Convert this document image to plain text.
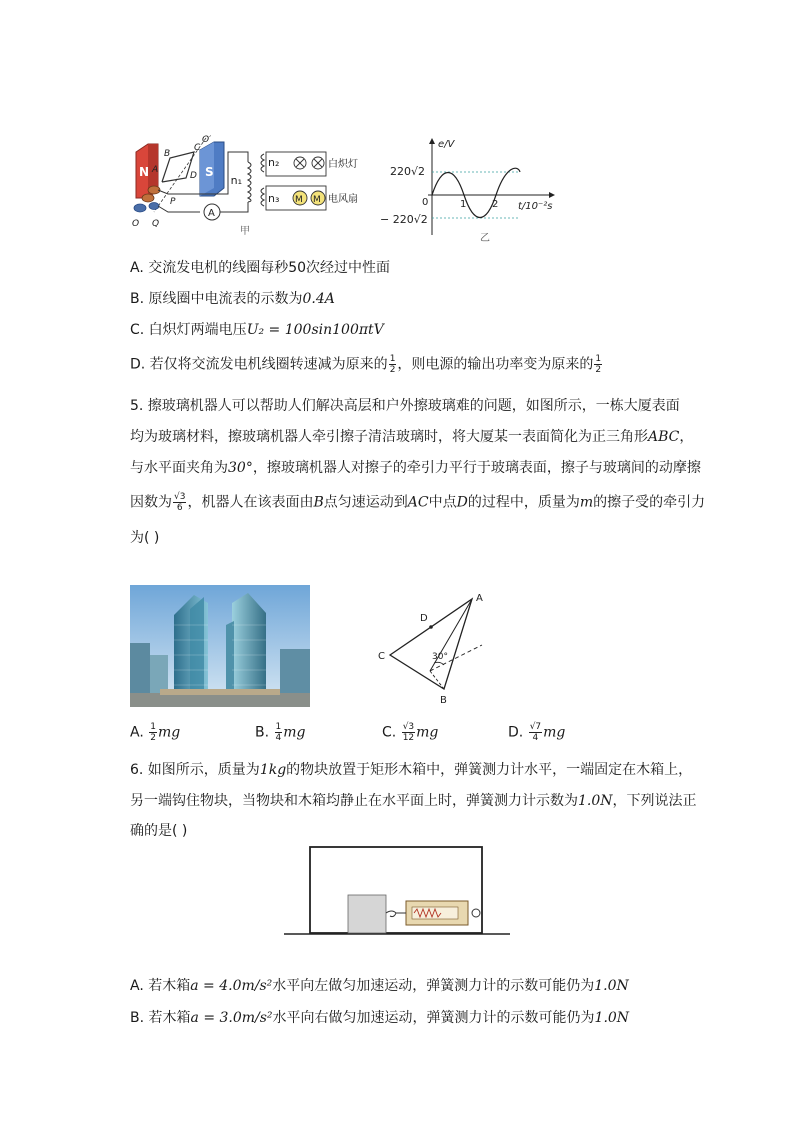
N	S
O′
B
C
A
D
P
O Q
A
n₁
n₂	白炽灯
n₃ M M 电风扇
甲
e/V
220√2
− 220√2
0	1	2 t/10⁻²s
乙
A. 交流发电机的线圈每秒50次经过中性面
B. 原线圈中电流表的示数为0.4A
C. 白炽灯两端电压U₂ = 100sin100πtV
D. 若仅将交流发电机线圈转速减为原来的 $\frac{1}{2}$ ，则电源的输出功率变为原来的 $\frac{1}{2}$
5. 擦玻璃机器人可以帮助人们解决高层和户外擦玻璃难的问题，如图所示，一栋大厦表面
均为玻璃材料，擦玻璃机器人牵引擦子清洁玻璃时，将大厦某一表面简化为正三角形ABC，
与水平面夹角为30°，擦玻璃机器人对擦子的牵引力平行于玻璃表面，擦子与玻璃间的动摩擦
因数为 $\frac{√3}{6}$ ，机器人在该表面由B点匀速运动到AC中点D的过程中，质量为m的擦子受的牵引力
为( )
D
A
C
B
30°
A. $\frac{1}{2}$ mg	B. $\frac{1}{4}$ mg	C. $\frac{√3}{12}$ mg	D. $\frac{√7}{4}$ mg
6. 如图所示，质量为1kg的物块放置于矩形木箱中，弹簧测力计水平，一端固定在木箱上，
另一端钩住物块，当物块和木箱均静止在水平面上时，弹簧测力计示数为1.0N，下列说法正
确的是( )
A. 若木箱a = 4.0m/s²水平向左做匀加速运动，弹簧测力计的示数可能仍为1.0N
B. 若木箱a = 3.0m/s²水平向右做匀加速运动，弹簧测力计的示数可能仍为1.0N
